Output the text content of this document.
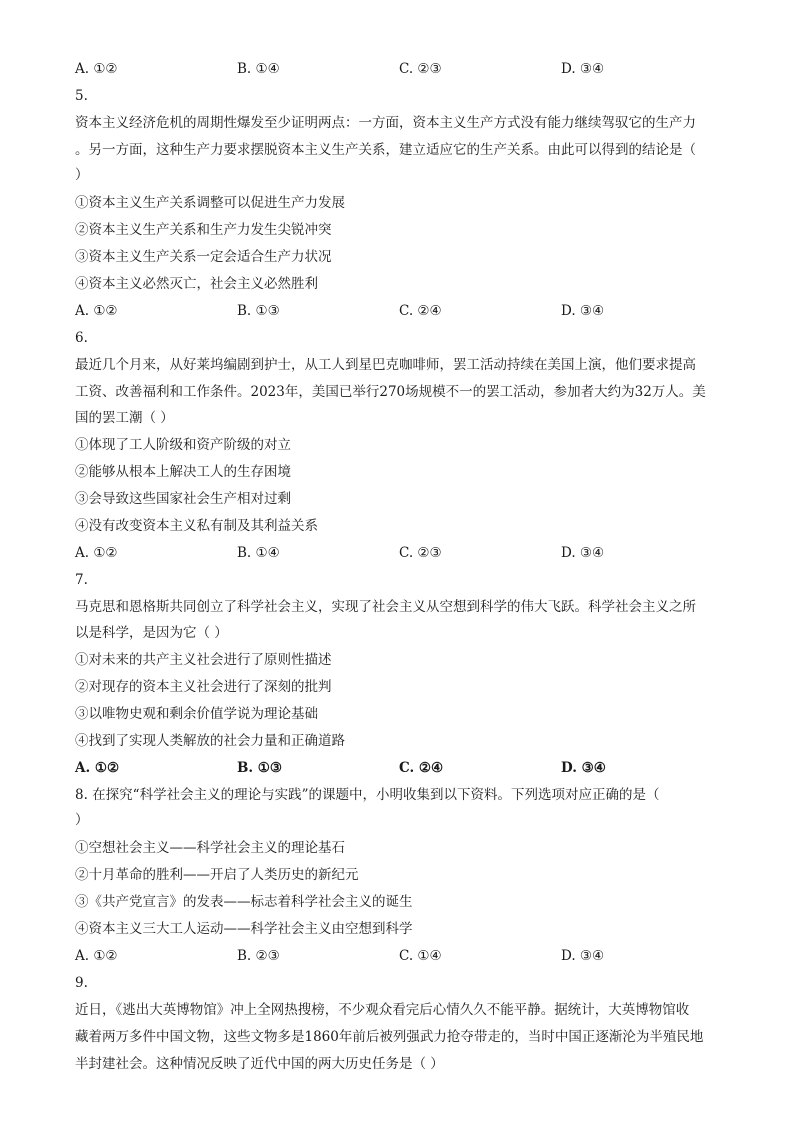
A. ①②	B. ①④	C. ②③	D. ③④
5.
资本主义经济危机的周期性爆发至少证明两点：一方面，资本主义生产方式没有能力继续驾驭它的生产力
。另一方面，这种生产力要求摆脱资本主义生产关系，建立适应它的生产关系。由此可以得到的结论是（
）
①资本主义生产关系调整可以促进生产力发展
②资本主义生产关系和生产力发生尖锐冲突
③资本主义生产关系一定会适合生产力状况
④资本主义必然灭亡，社会主义必然胜利
A. ①②	B. ①③	C. ②④	D. ③④
6.
最近几个月来，从好莱坞编剧到护士，从工人到星巴克咖啡师，罢工活动持续在美国上演，他们要求提高
工资、改善福利和工作条件。2023年，美国已举行270场规模不一的罢工活动，参加者大约为32万人。美
国的罢工潮（ ）
①体现了工人阶级和资产阶级的对立
②能够从根本上解决工人的生存困境
③会导致这些国家社会生产相对过剩
④没有改变资本主义私有制及其利益关系
A. ①②	B. ①④	C. ②③	D. ③④
7.
马克思和恩格斯共同创立了科学社会主义，实现了社会主义从空想到科学的伟大飞跃。科学社会主义之所
以是科学，是因为它（ ）
①对未来的共产主义社会进行了原则性描述
②对现存的资本主义社会进行了深刻的批判
③以唯物史观和剩余价值学说为理论基础
④找到了实现人类解放的社会力量和正确道路
A. ①②	B. ①③	C. ②④	D. ③④
8. 在探究“科学社会主义的理论与实践”的课题中，小明收集到以下资料。下列选项对应正确的是（
）
①空想社会主义——科学社会主义的理论基石
②十月革命的胜利——开启了人类历史的新纪元
③《共产党宣言》的发表——标志着科学社会主义的诞生
④资本主义三大工人运动——科学社会主义由空想到科学
A. ①②	B. ②③	C. ①④	D. ③④
9.
近日，《逃出大英博物馆》冲上全网热搜榜，不少观众看完后心情久久不能平静。据统计，大英博物馆收
藏着两万多件中国文物，这些文物多是1860年前后被列强武力抢夺带走的，当时中国正逐渐沦为半殖民地
半封建社会。这种情况反映了近代中国的两大历史任务是（ ）
